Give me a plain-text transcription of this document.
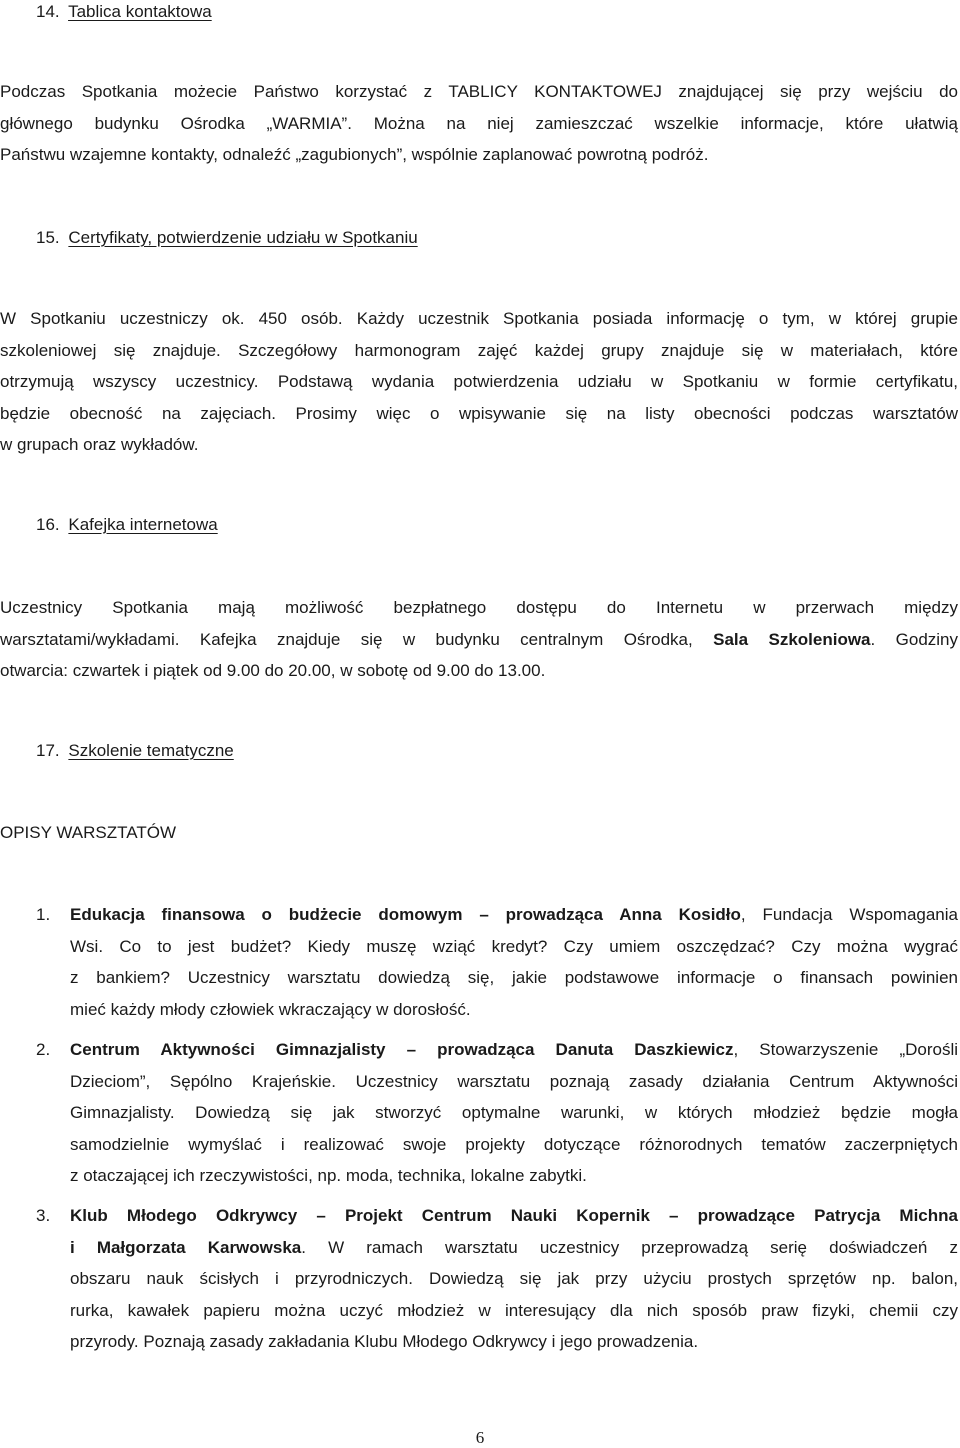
14. Tablica kontaktowa
Podczas Spotkania możecie Państwo korzystać z TABLICY KONTAKTOWEJ znajdującej się przy wejściu do
głównego budynku Ośrodka „WARMIA”. Można na niej zamieszczać wszelkie informacje, które ułatwią
Państwu wzajemne kontakty, odnaleźć „zagubionych”, wspólnie zaplanować powrotną podróż.
15. Certyfikaty, potwierdzenie udziału w Spotkaniu
W Spotkaniu uczestniczy ok. 450 osób. Każdy uczestnik Spotkania posiada informację o tym, w której grupie
szkoleniowej się znajduje. Szczegółowy harmonogram zajęć każdej grupy znajduje się w materiałach, które
otrzymują wszyscy uczestnicy. Podstawą wydania potwierdzenia udziału w Spotkaniu w formie certyfikatu,
będzie obecność na zajęciach. Prosimy więc o wpisywanie się na listy obecności podczas warsztatów
w grupach oraz wykładów.
16. Kafejka internetowa
Uczestnicy Spotkania mają możliwość bezpłatnego dostępu do Internetu w przerwach między
warsztatami/wykładami. Kafejka znajduje się w budynku centralnym Ośrodka, Sala Szkoleniowa. Godziny
otwarcia: czwartek i piątek od 9.00 do 20.00, w sobotę od 9.00 do 13.00.
17. Szkolenie tematyczne
OPISY WARSZTATÓW
1. Edukacja finansowa o budżecie domowym – prowadząca Anna Kosidło, Fundacja Wspomagania
Wsi. Co to jest budżet? Kiedy muszę wziąć kredyt? Czy umiem oszczędzać? Czy można wygrać
z bankiem? Uczestnicy warsztatu dowiedzą się, jakie podstawowe informacje o finansach powinien
mieć każdy młody człowiek wkraczający w dorosłość.
2. Centrum Aktywności Gimnazjalisty – prowadząca Danuta Daszkiewicz, Stowarzyszenie „Dorośli
Dzieciom”, Sępólno Krajeńskie. Uczestnicy warsztatu poznają zasady działania Centrum Aktywności
Gimnazjalisty. Dowiedzą się jak stworzyć optymalne warunki, w których młodzież będzie mogła
samodzielnie wymyślać i realizować swoje projekty dotyczące różnorodnych tematów zaczerpniętych
z otaczającej ich rzeczywistości, np. moda, technika, lokalne zabytki.
3. Klub Młodego Odkrywcy – Projekt Centrum Nauki Kopernik – prowadzące Patrycja Michna
i Małgorzata Karwowska. W ramach warsztatu uczestnicy przeprowadzą serię doświadczeń z
obszaru nauk ścisłych i przyrodniczych. Dowiedzą się jak przy użyciu prostych sprzętów np. balon,
rurka, kawałek papieru można uczyć młodzież w interesujący dla nich sposób praw fizyki, chemii czy
przyrody. Poznają zasady zakładania Klubu Młodego Odkrywcy i jego prowadzenia.
6
